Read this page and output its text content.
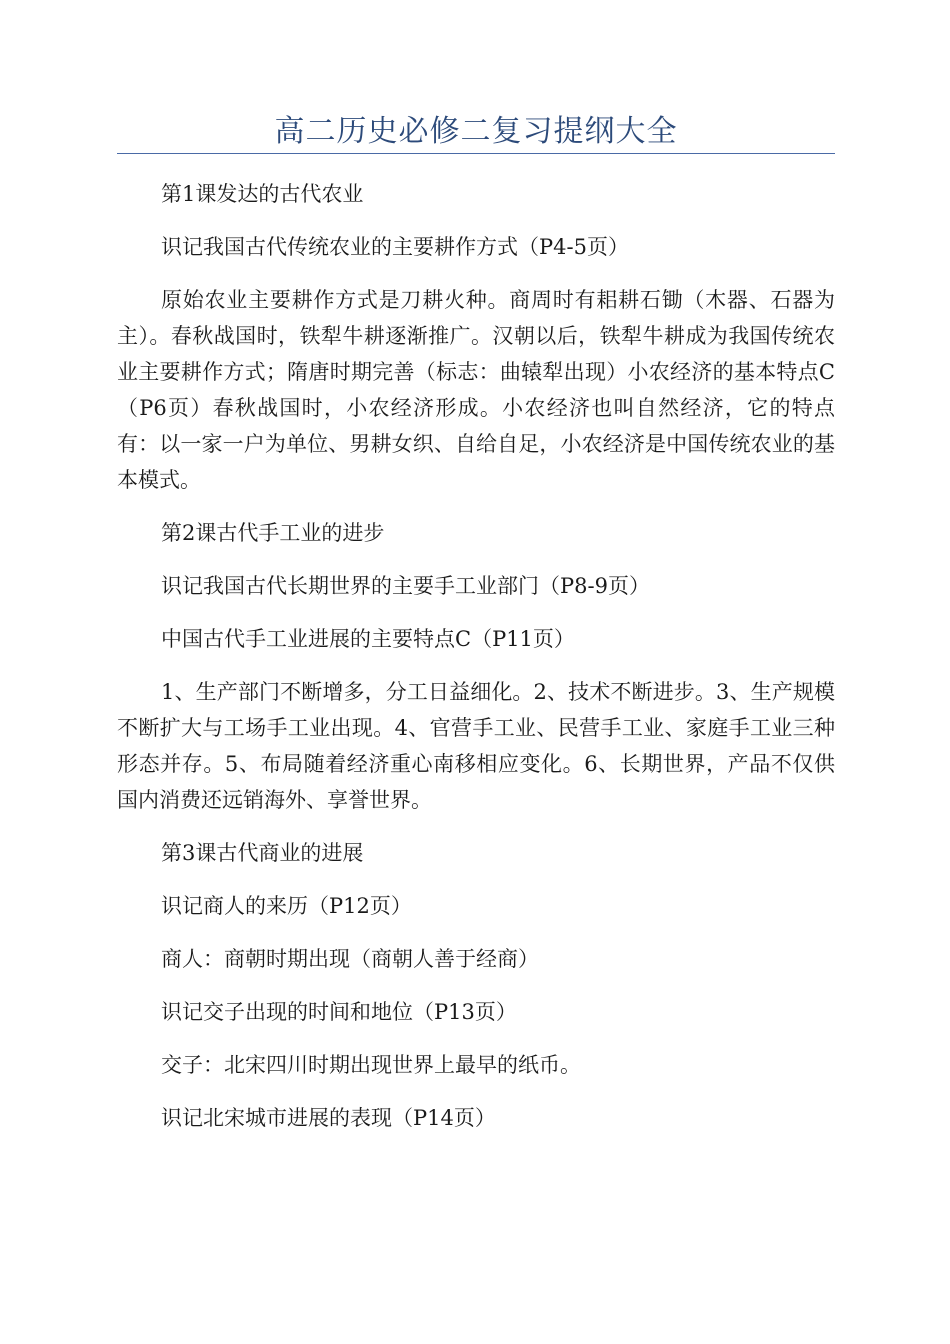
高二历史必修二复习提纲大全

第1课发达的古代农业

识记我国古代传统农业的主要耕作方式（P4-5页）

原始农业主要耕作方式是刀耕火种。商周时有耜耕石锄（木器、石器为主）。春秋战国时，铁犁牛耕逐渐推广。汉朝以后，铁犁牛耕成为我国传统农业主要耕作方式；隋唐时期完善（标志：曲辕犁出现）小农经济的基本特点C（P6页）春秋战国时，小农经济形成。小农经济也叫自然经济，它的特点有：以一家一户为单位、男耕女织、自给自足，小农经济是中国传统农业的基本模式。

第2课古代手工业的进步

识记我国古代长期世界的主要手工业部门（P8-9页）

中国古代手工业进展的主要特点C（P11页）

1、生产部门不断增多，分工日益细化。2、技术不断进步。3、生产规模不断扩大与工场手工业出现。4、官营手工业、民营手工业、家庭手工业三种形态并存。5、布局随着经济重心南移相应变化。6、长期世界，产品不仅供国内消费还远销海外、享誉世界。

第3课古代商业的进展

识记商人的来历（P12页）

商人：商朝时期出现（商朝人善于经商）

识记交子出现的时间和地位（P13页）

交子：北宋四川时期出现世界上最早的纸币。

识记北宋城市进展的表现（P14页）
